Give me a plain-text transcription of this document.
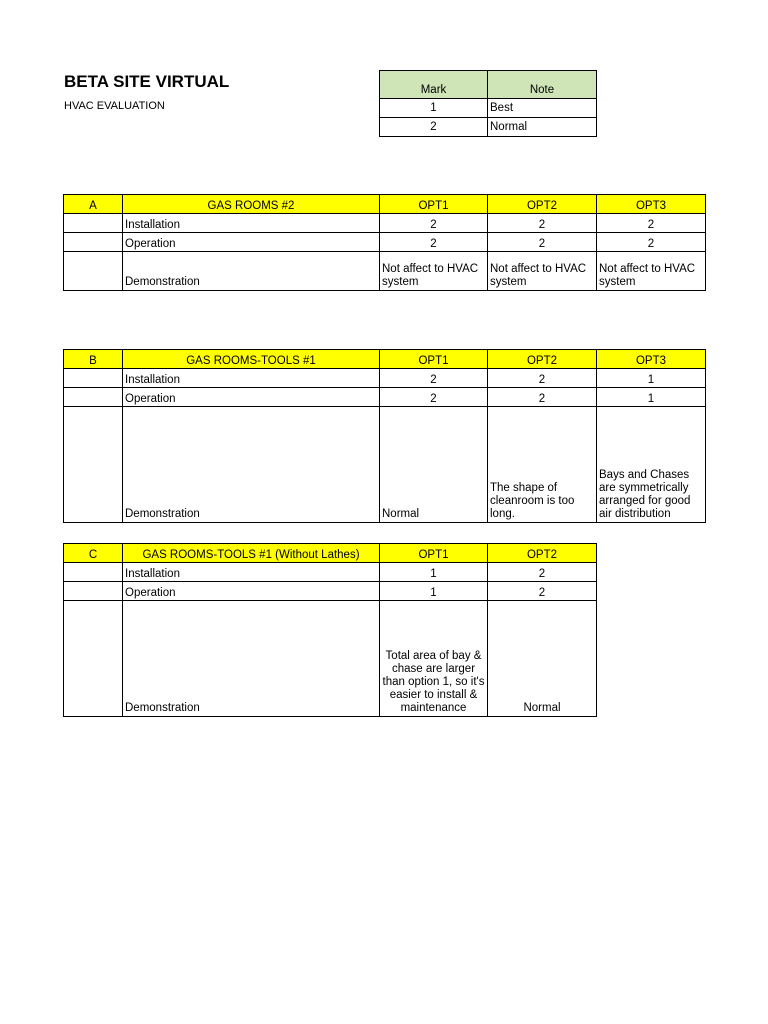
BETA SITE VIRTUAL
HVAC EVALUATION
Mark	Note
1	Best
2	Normal
A	GAS ROOMS #2	OPT1	OPT2	OPT3
	Installation	2	2	2
	Operation	2	2	2
	Demonstration	Not affect to HVAC system	Not affect to HVAC system	Not affect to HVAC system
B	GAS ROOMS-TOOLS #1	OPT1	OPT2	OPT3
	Installation	2	2	1
	Operation	2	2	1
	Demonstration	Normal	The shape of cleanroom is too long.	Bays and Chases are symmetrically arranged for good air distribution
C	GAS ROOMS-TOOLS #1 (Without Lathes)	OPT1	OPT2
	Installation	1	2
	Operation	1	2
	Demonstration	Total area of bay & chase are larger than option 1, so it's easier to install & maintenance	Normal
